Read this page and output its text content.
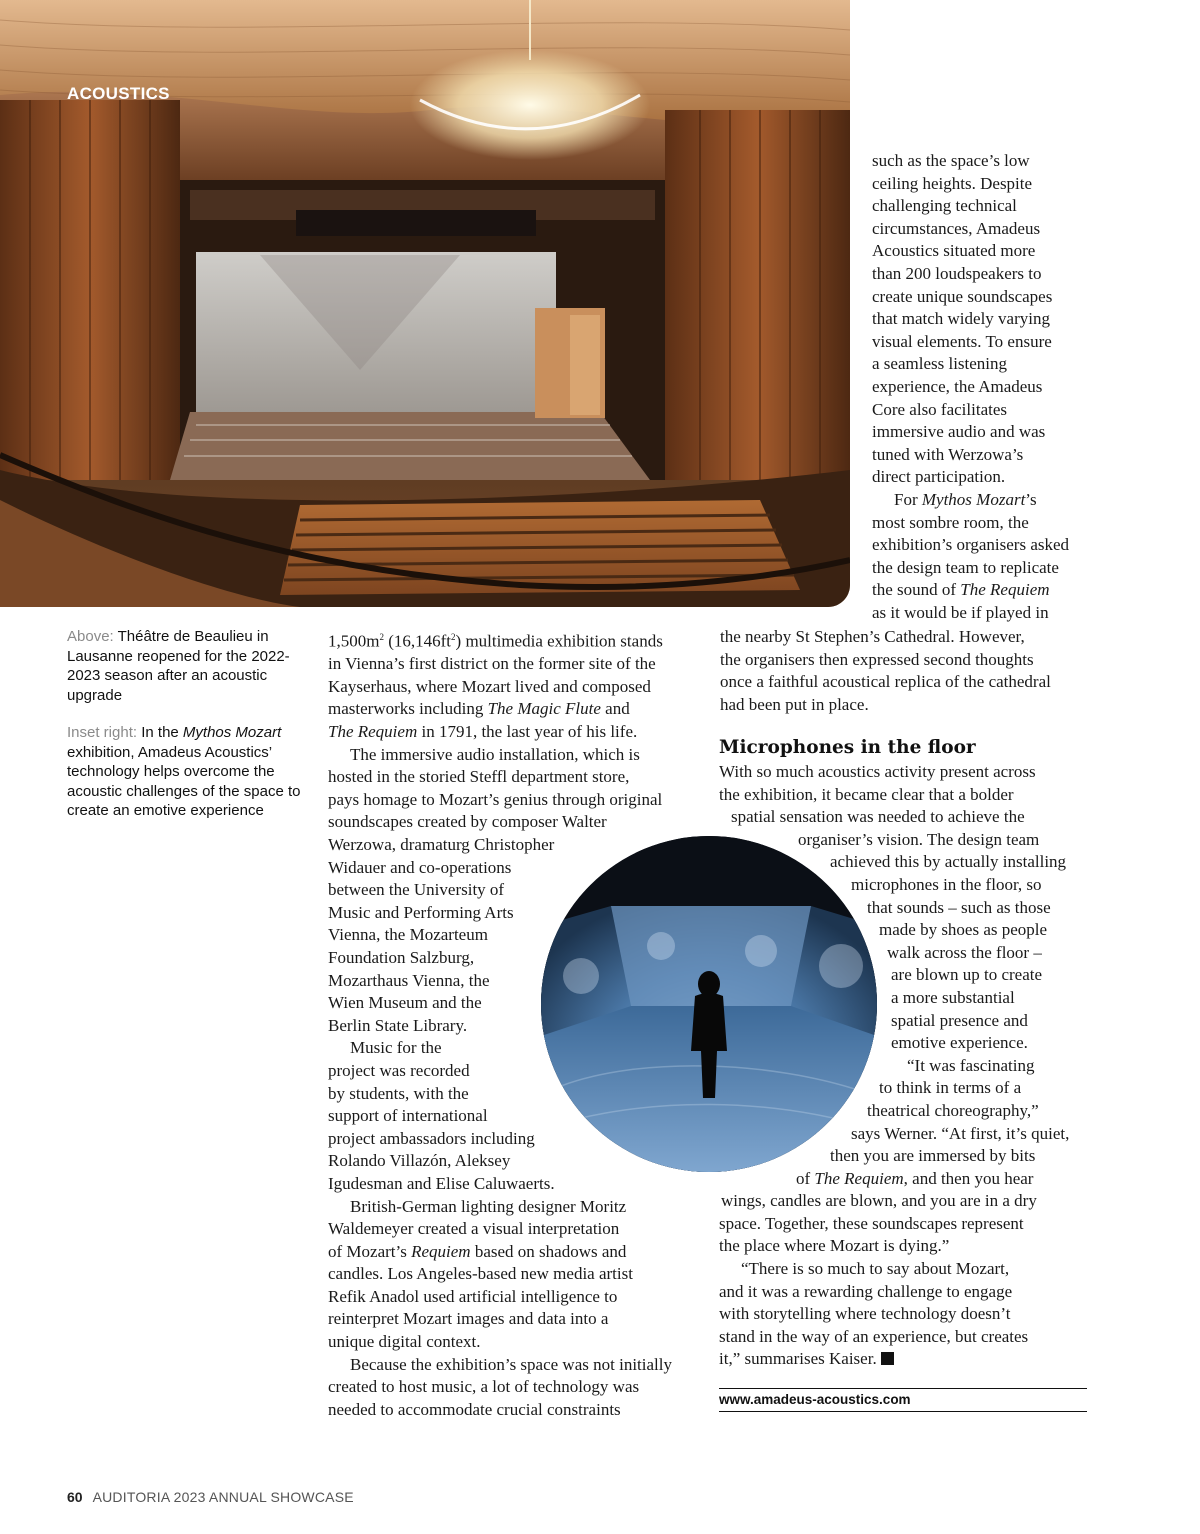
ACOUSTICS
such as the space’s low
ceiling heights. Despite
challenging technical
circumstances, Amadeus
Acoustics situated more
than 200 loudspeakers to
create unique soundscapes
that match widely varying
visual elements. To ensure
a seamless listening
experience, the Amadeus
Core also facilitates
immersive audio and was
tuned with Werzowa’s
direct participation.
For Mythos Mozart’s
most sombre room, the
exhibition’s organisers asked
the design team to replicate
the sound of The Requiem
as it would be if played in
Above: Théâtre de Beaulieu in Lausanne reopened for the 2022-2023 season after an acoustic upgrade
Inset right: In the Mythos Mozart exhibition, Amadeus Acoustics’ technology helps overcome the acoustic challenges of the space to create an emotive experience
$1,500m^2$ $(16,146ft^2)$ multimedia exhibition stands
in Vienna’s first district on the former site of the
Kayserhaus, where Mozart lived and composed
masterworks including The Magic Flute and
The Requiem in 1791, the last year of his life.
The immersive audio installation, which is
hosted in the storied Steffl department store,
pays homage to Mozart’s genius through original
soundscapes created by composer Walter
Werzowa, dramaturg Christopher
Widauer and co-operations
between the University of
Music and Performing Arts
Vienna, the Mozarteum
Foundation Salzburg,
Mozarthaus Vienna, the
Wien Museum and the
Berlin State Library.
Music for the
project was recorded
by students, with the
support of international
project ambassadors including
Rolando Villazón, Aleksey
Igudesman and Elise Caluwaerts.
British-German lighting designer Moritz
Waldemeyer created a visual interpretation
of Mozart’s Requiem based on shadows and
candles. Los Angeles-based new media artist
Refik Anadol used artificial intelligence to
reinterpret Mozart images and data into a
unique digital context.
Because the exhibition’s space was not initially
created to host music, a lot of technology was
needed to accommodate crucial constraints
the nearby St Stephen’s Cathedral. However,
the organisers then expressed second thoughts
once a faithful acoustical replica of the cathedral
had been put in place.
Microphones in the floor
With so much acoustics activity present across
the exhibition, it became clear that a bolder
spatial sensation was needed to achieve the
organiser’s vision. The design team
achieved this by actually installing
microphones in the floor, so
that sounds – such as those
made by shoes as people
walk across the floor –
are blown up to create
a more substantial
spatial presence and
emotive experience.
“It was fascinating
to think in terms of a
theatrical choreography,”
says Werner. “At first, it’s quiet,
then you are immersed by bits
of The Requiem, and then you hear
wings, candles are blown, and you are in a dry
space. Together, these soundscapes represent
the place where Mozart is dying.”
“There is so much to say about Mozart,
and it was a rewarding challenge to engage
with storytelling where technology doesn’t
stand in the way of an experience, but creates
it,” summarises Kaiser.
www.amadeus-acoustics.com
60 AUDITORIA 2023 ANNUAL SHOWCASE
